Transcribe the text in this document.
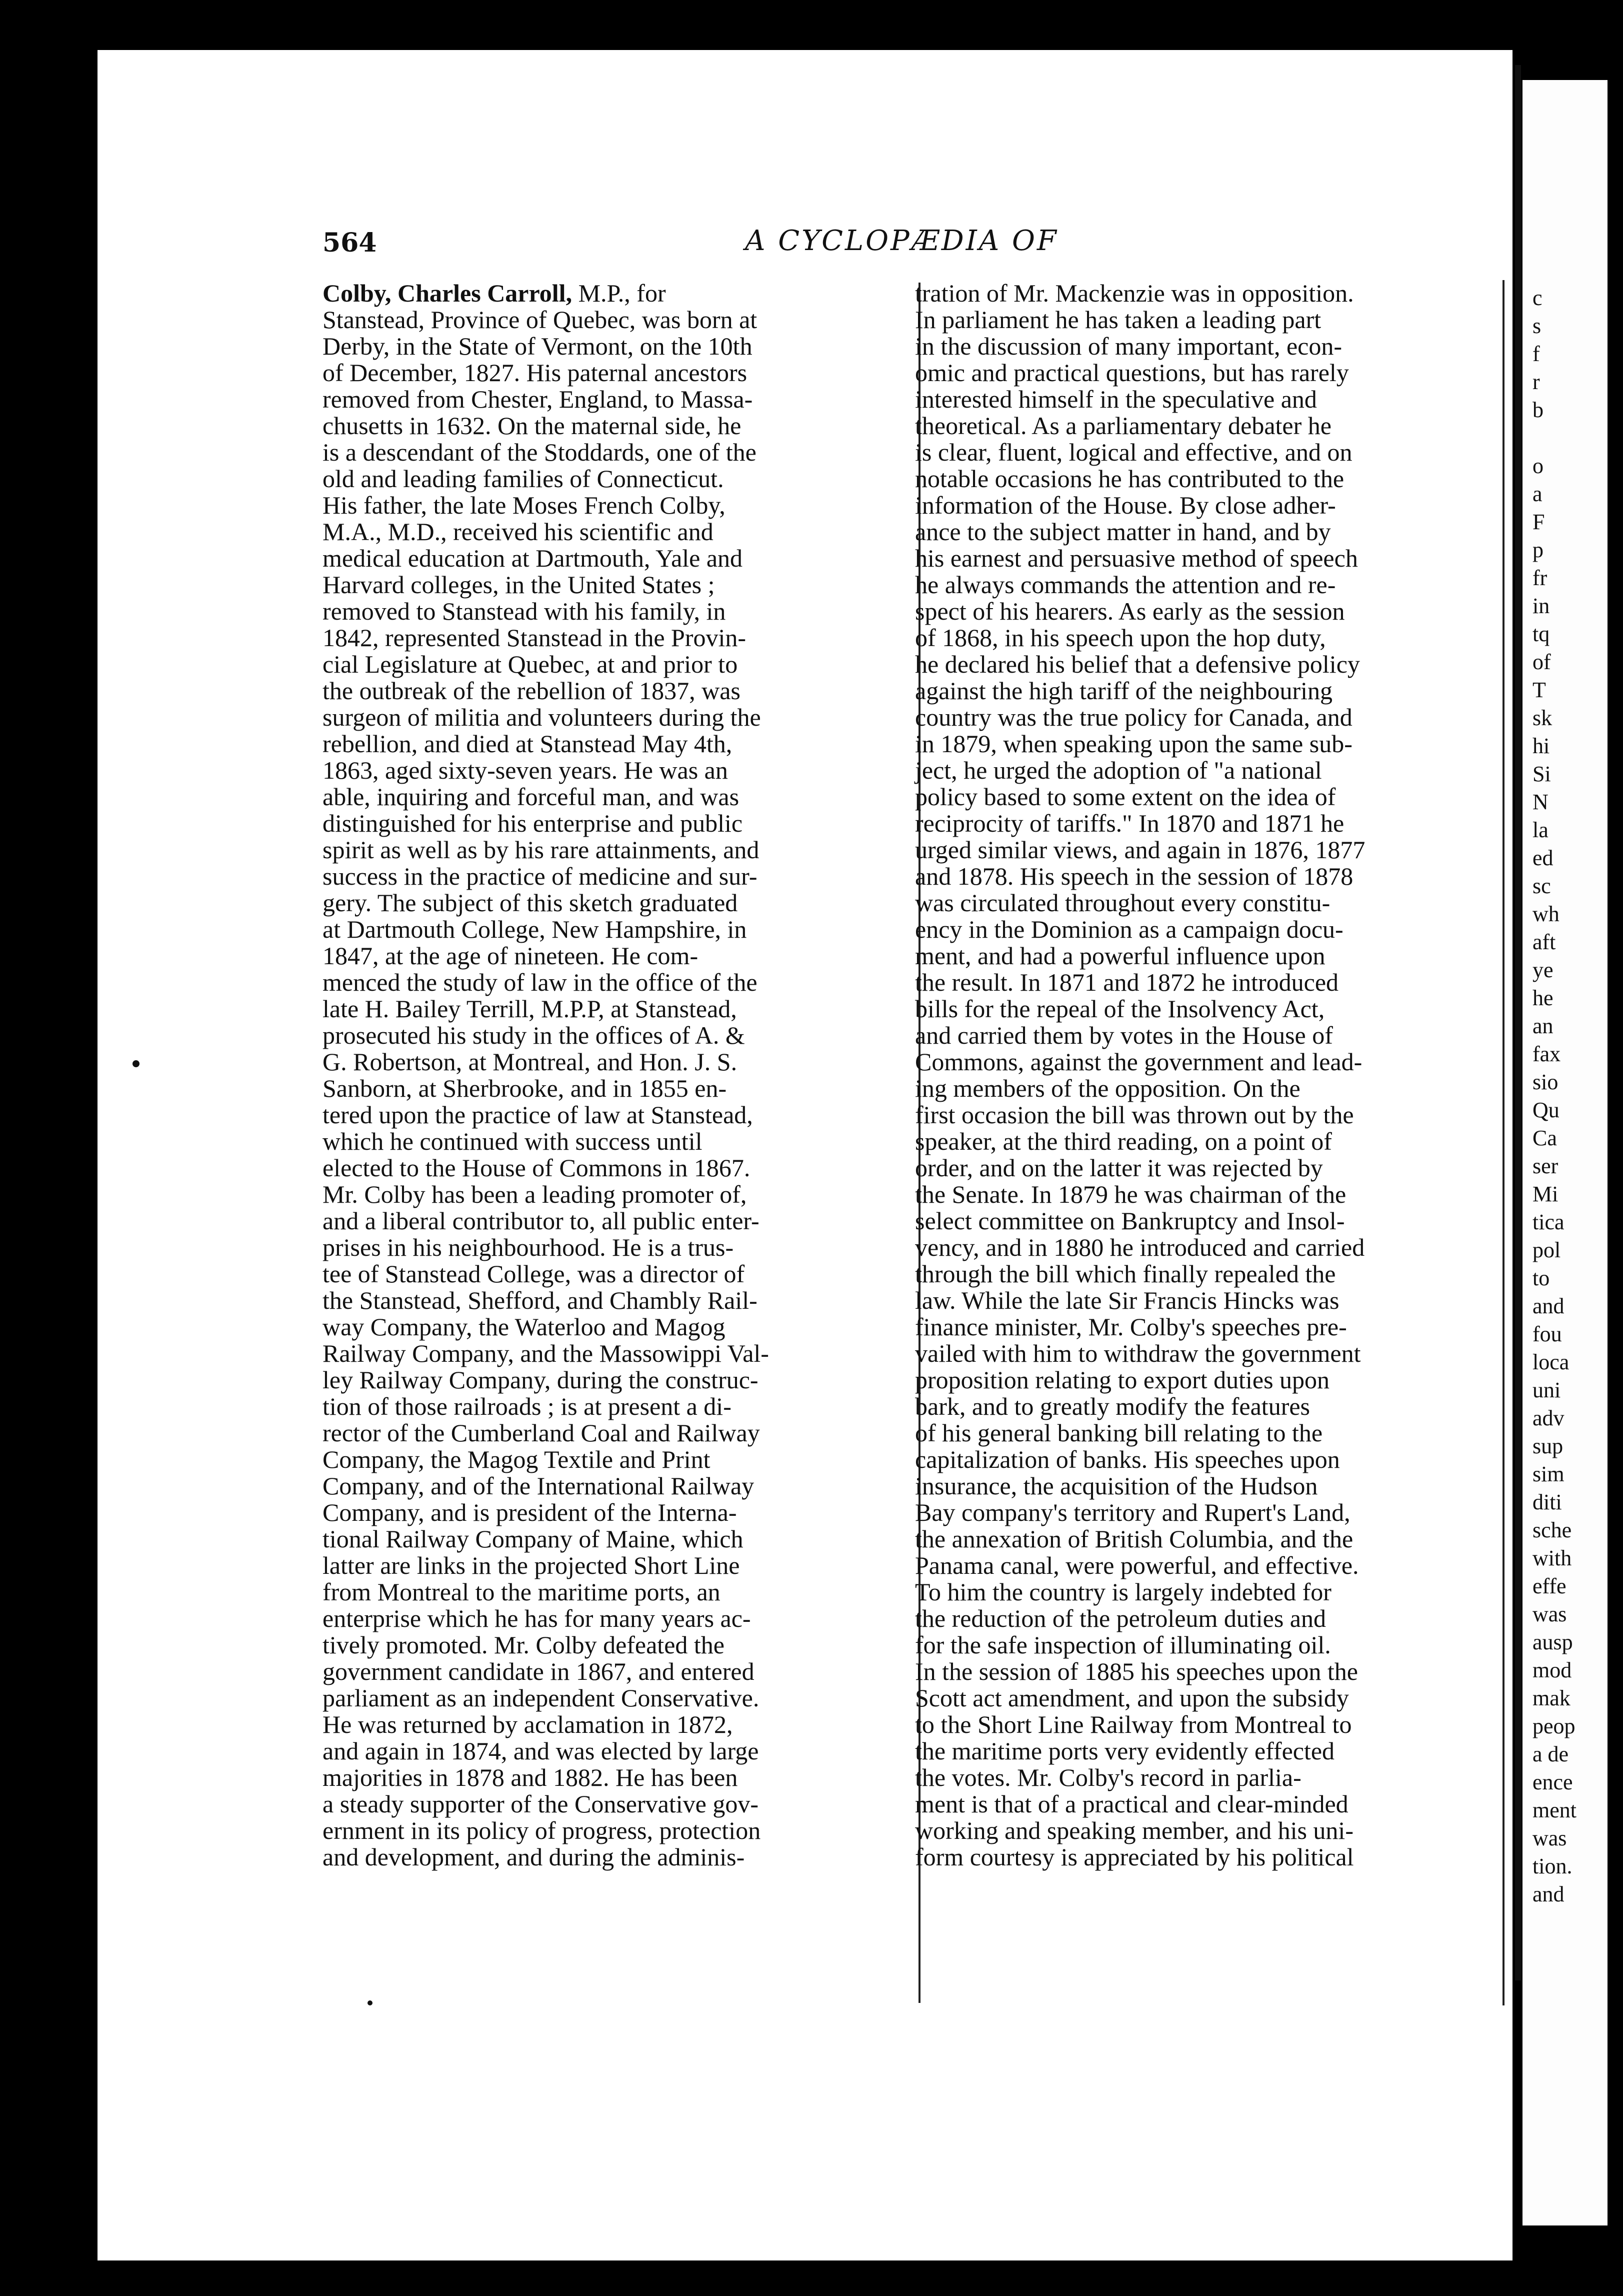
564	A CYCLOPÆDIA OF
Colby, Charles Carroll, M.P., for
Stanstead, Province of Quebec, was born at
Derby, in the State of Vermont, on the 10th
of December, 1827. His paternal ancestors
removed from Chester, England, to Massa-
chusetts in 1632. On the maternal side, he
is a descendant of the Stoddards, one of the
old and leading families of Connecticut.
His father, the late Moses French Colby,
M.A., M.D., received his scientific and
medical education at Dartmouth, Yale and
Harvard colleges, in the United States ;
removed to Stanstead with his family, in
1842, represented Stanstead in the Provin-
cial Legislature at Quebec, at and prior to
the outbreak of the rebellion of 1837, was
surgeon of militia and volunteers during the
rebellion, and died at Stanstead May 4th,
1863, aged sixty-seven years. He was an
able, inquiring and forceful man, and was
distinguished for his enterprise and public
spirit as well as by his rare attainments, and
success in the practice of medicine and sur-
gery. The subject of this sketch graduated
at Dartmouth College, New Hampshire, in
1847, at the age of nineteen. He com-
menced the study of law in the office of the
late H. Bailey Terrill, M.P.P, at Stanstead,
prosecuted his study in the offices of A. &
G. Robertson, at Montreal, and Hon. J. S.
Sanborn, at Sherbrooke, and in 1855 en-
tered upon the practice of law at Stanstead,
which he continued with success until
elected to the House of Commons in 1867.
Mr. Colby has been a leading promoter of,
and a liberal contributor to, all public enter-
prises in his neighbourhood. He is a trus-
tee of Stanstead College, was a director of
the Stanstead, Shefford, and Chambly Rail-
way Company, the Waterloo and Magog
Railway Company, and the Massowippi Val-
ley Railway Company, during the construc-
tion of those railroads ; is at present a di-
rector of the Cumberland Coal and Railway
Company, the Magog Textile and Print
Company, and of the International Railway
Company, and is president of the Interna-
tional Railway Company of Maine, which
latter are links in the projected Short Line
from Montreal to the maritime ports, an
enterprise which he has for many years ac-
tively promoted. Mr. Colby defeated the
government candidate in 1867, and entered
parliament as an independent Conservative.
He was returned by acclamation in 1872,
and again in 1874, and was elected by large
majorities in 1878 and 1882. He has been
a steady supporter of the Conservative gov-
ernment in its policy of progress, protection
and development, and during the adminis-
tration of Mr. Mackenzie was in opposition.
In parliament he has taken a leading part
in the discussion of many important, econ-
omic and practical questions, but has rarely
interested himself in the speculative and
theoretical. As a parliamentary debater he
is clear, fluent, logical and effective, and on
notable occasions he has contributed to the
information of the House. By close adher-
ance to the subject matter in hand, and by
his earnest and persuasive method of speech
he always commands the attention and re-
spect of his hearers. As early as the session
of 1868, in his speech upon the hop duty,
he declared his belief that a defensive policy
against the high tariff of the neighbouring
country was the true policy for Canada, and
in 1879, when speaking upon the same sub-
ject, he urged the adoption of "a national
policy based to some extent on the idea of
reciprocity of tariffs." In 1870 and 1871 he
urged similar views, and again in 1876, 1877
and 1878. His speech in the session of 1878
was circulated throughout every constitu-
ency in the Dominion as a campaign docu-
ment, and had a powerful influence upon
the result. In 1871 and 1872 he introduced
bills for the repeal of the Insolvency Act,
and carried them by votes in the House of
Commons, against the government and lead-
ing members of the opposition. On the
first occasion the bill was thrown out by the
speaker, at the third reading, on a point of
order, and on the latter it was rejected by
the Senate. In 1879 he was chairman of the
select committee on Bankruptcy and Insol-
vency, and in 1880 he introduced and carried
through the bill which finally repealed the
law. While the late Sir Francis Hincks was
finance minister, Mr. Colby's speeches pre-
vailed with him to withdraw the government
proposition relating to export duties upon
bark, and to greatly modify the features
of his general banking bill relating to the
capitalization of banks. His speeches upon
insurance, the acquisition of the Hudson
Bay company's territory and Rupert's Land,
the annexation of British Columbia, and the
Panama canal, were powerful, and effective.
To him the country is largely indebted for
the reduction of the petroleum duties and
for the safe inspection of illuminating oil.
In the session of 1885 his speeches upon the
Scott act amendment, and upon the subsidy
to the Short Line Railway from Montreal to
the maritime ports very evidently effected
the votes. Mr. Colby's record in parlia-
ment is that of a practical and clear-minded
working and speaking member, and his uni-
form courtesy is appreciated by his political
c
s
f
r
b
o
a
F
p
fr
in
tq
of
T
sk
hi
Si
N
la
ed
sc
wh
aft
ye
he
an
fax
sio
Qu
Ca
ser
Mi
tica
pol
to
and
fou
loca
uni
adv
sup
sim
diti
sche
with
effe
was
ausp
mod
mak
peop
a de
ence
ment
was
tion.
and
